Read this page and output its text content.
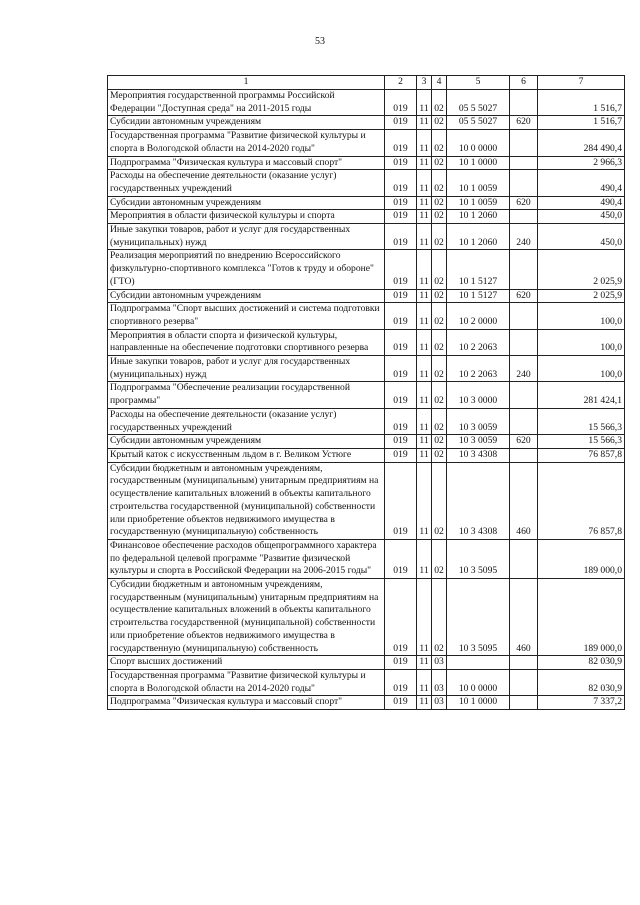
53
1	2	3	4	5	6	7
Мероприятия государственной программы Российской Федерации "Доступная среда" на 2011-2015 годы	019	11	02	05 5 5027		1 516,7
Субсидии автономным учреждениям	019	11	02	05 5 5027	620	1 516,7
Государственная программа "Развитие физической культуры и спорта в Вологодской области на 2014-2020 годы"	019	11	02	10 0 0000		284 490,4
Подпрограмма "Физическая культура и массовый спорт"	019	11	02	10 1 0000		2 966,3
Расходы на обеспечение деятельности (оказание услуг) государственных учреждений	019	11	02	10 1 0059		490,4
Субсидии автономным учреждениям	019	11	02	10 1 0059	620	490,4
Мероприятия в области физической культуры и спорта	019	11	02	10 1 2060		450,0
Иные закупки товаров, работ и услуг для государственных (муниципальных) нужд	019	11	02	10 1 2060	240	450,0
Реализация мероприятий по внедрению Всероссийского физкультурно-спортивного комплекса "Готов к труду и обороне" (ГТО)	019	11	02	10 1 5127		2 025,9
Субсидии автономным учреждениям	019	11	02	10 1 5127	620	2 025,9
Подпрограмма "Спорт высших достижений и система подготовки спортивного резерва"	019	11	02	10 2 0000		100,0
Мероприятия в области спорта и физической культуры, направленные на обеспечение подготовки спортивного резерва	019	11	02	10 2 2063		100,0
Иные закупки товаров, работ и услуг для государственных (муниципальных) нужд	019	11	02	10 2 2063	240	100,0
Подпрограмма "Обеспечение реализации государственной программы"	019	11	02	10 3 0000		281 424,1
Расходы на обеспечение деятельности (оказание услуг) государственных учреждений	019	11	02	10 3 0059		15 566,3
Субсидии автономным учреждениям	019	11	02	10 3 0059	620	15 566,3
Крытый каток с искусственным льдом в г. Великом Устюге	019	11	02	10 3 4308		76 857,8
Субсидии бюджетным и автономным учреждениям, государственным (муниципальным) унитарным предприятиям на осуществление капитальных вложений в объекты капитального строительства государственной (муниципальной) собственности или приобретение объектов недвижимого имущества в государственную (муниципальную) собственность	019	11	02	10 3 4308	460	76 857,8
Финансовое обеспечение расходов общепрограммного характера по федеральной целевой программе "Развитие физической культуры и спорта в Российской Федерации на 2006-2015 годы"	019	11	02	10 3 5095		189 000,0
Субсидии бюджетным и автономным учреждениям, государственным (муниципальным) унитарным предприятиям на осуществление капитальных вложений в объекты капитального строительства государственной (муниципальной) собственности или приобретение объектов недвижимого имущества в государственную (муниципальную) собственность	019	11	02	10 3 5095	460	189 000,0
Спорт высших достижений	019	11	03			82 030,9
Государственная программа "Развитие физической культуры и спорта в Вологодской области на 2014-2020 годы"	019	11	03	10 0 0000		82 030,9
Подпрограмма "Физическая культура и массовый спорт"	019	11	03	10 1 0000		7 337,2
